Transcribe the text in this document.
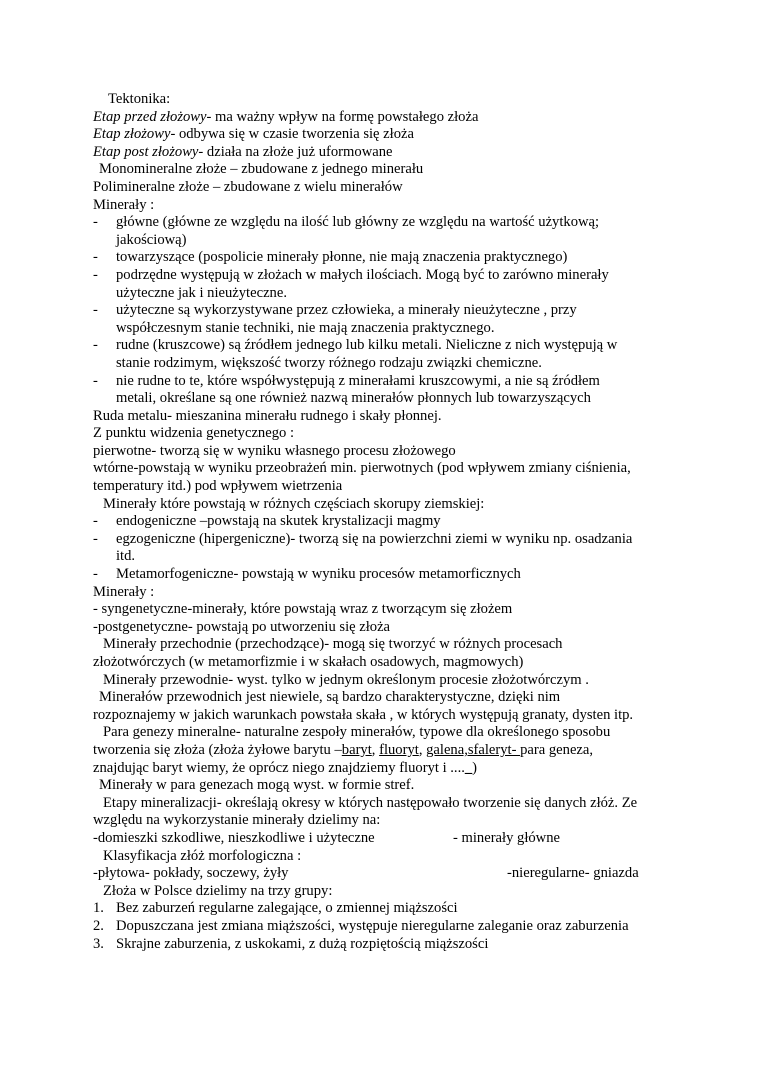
Tektonika:
Etap przed złożowy- ma ważny wpływ na formę powstałego złoża
Etap złożowy- odbywa się w czasie tworzenia się złoża
Etap post złożowy- działa na złoże już uformowane
Monomineralne złoże – zbudowane z jednego minerału
Polimineralne złoże – zbudowane z wielu minerałów
Minerały :
-	główne (główne ze względu na ilość lub główny ze względu na wartość użytkową;
jakościową)
-	towarzyszące (pospolicie minerały płonne, nie mają znaczenia praktycznego)
-	podrzędne występują w złożach w małych ilościach. Mogą być to zarówno minerały
użyteczne jak i nieużyteczne.
-	użyteczne są wykorzystywane przez człowieka, a minerały nieużyteczne , przy
współczesnym stanie techniki, nie mają znaczenia praktycznego.
-	rudne (kruszcowe) są źródłem jednego lub kilku metali. Nieliczne z nich występują w
stanie rodzimym, większość tworzy różnego rodzaju związki chemiczne.
-	nie rudne to te, które współwystępują z minerałami kruszcowymi, a nie są źródłem
metali, określane są one również nazwą minerałów płonnych lub towarzyszących
Ruda metalu- mieszanina minerału rudnego i skały płonnej.
Z punktu widzenia genetycznego :
pierwotne- tworzą się w wyniku własnego procesu złożowego
wtórne-powstają w wyniku przeobrażeń min. pierwotnych (pod wpływem zmiany ciśnienia,
temperatury itd.) pod wpływem wietrzenia
Minerały które powstają w różnych częściach skorupy ziemskiej:
-	endogeniczne –powstają na skutek krystalizacji magmy
-	egzogeniczne (hipergeniczne)- tworzą się na powierzchni ziemi w wyniku np. osadzania
itd.
-	Metamorfogeniczne- powstają w wyniku procesów metamorficznych
Minerały :
- syngenetyczne-minerały, które powstają wraz z tworzącym się złożem
-postgenetyczne- powstają po utworzeniu się złoża
Minerały przechodnie (przechodzące)- mogą się tworzyć w różnych procesach
złożotwórczych (w metamorfizmie i w skałach osadowych, magmowych)
Minerały przewodnie- wyst. tylko w jednym określonym procesie złożotwórczym .
Minerałów przewodnich jest niewiele, są bardzo charakterystyczne, dzięki nim
rozpoznajemy w jakich warunkach powstała skała , w których występują granaty, dysten itp.
Para genezy mineralne- naturalne zespoły minerałów, typowe dla określonego sposobu
tworzenia się złoża (złoża żyłowe barytu –baryt, fluoryt, galena,sfaleryt- para geneza,
znajdując baryt wiemy, że oprócz niego znajdziemy fluoryt i ...._)
Minerały w para genezach mogą wyst. w formie stref.
Etapy mineralizacji- określają okresy w których następowało tworzenie się danych złóż. Ze
względu na wykorzystanie minerały dzielimy na:
-domieszki szkodliwe, nieszkodliwe i użyteczne	- minerały główne
Klasyfikacja złóż morfologiczna :
-płytowa- pokłady, soczewy, żyły	-nieregularne- gniazda
Złoża w Polsce dzielimy na trzy grupy:
1. Bez zaburzeń regularne zalegające, o zmiennej miąższości
2. Dopuszczana jest zmiana miąższości, występuje nieregularne zaleganie oraz zaburzenia
3. Skrajne zaburzenia, z uskokami, z dużą rozpiętością miąższości
